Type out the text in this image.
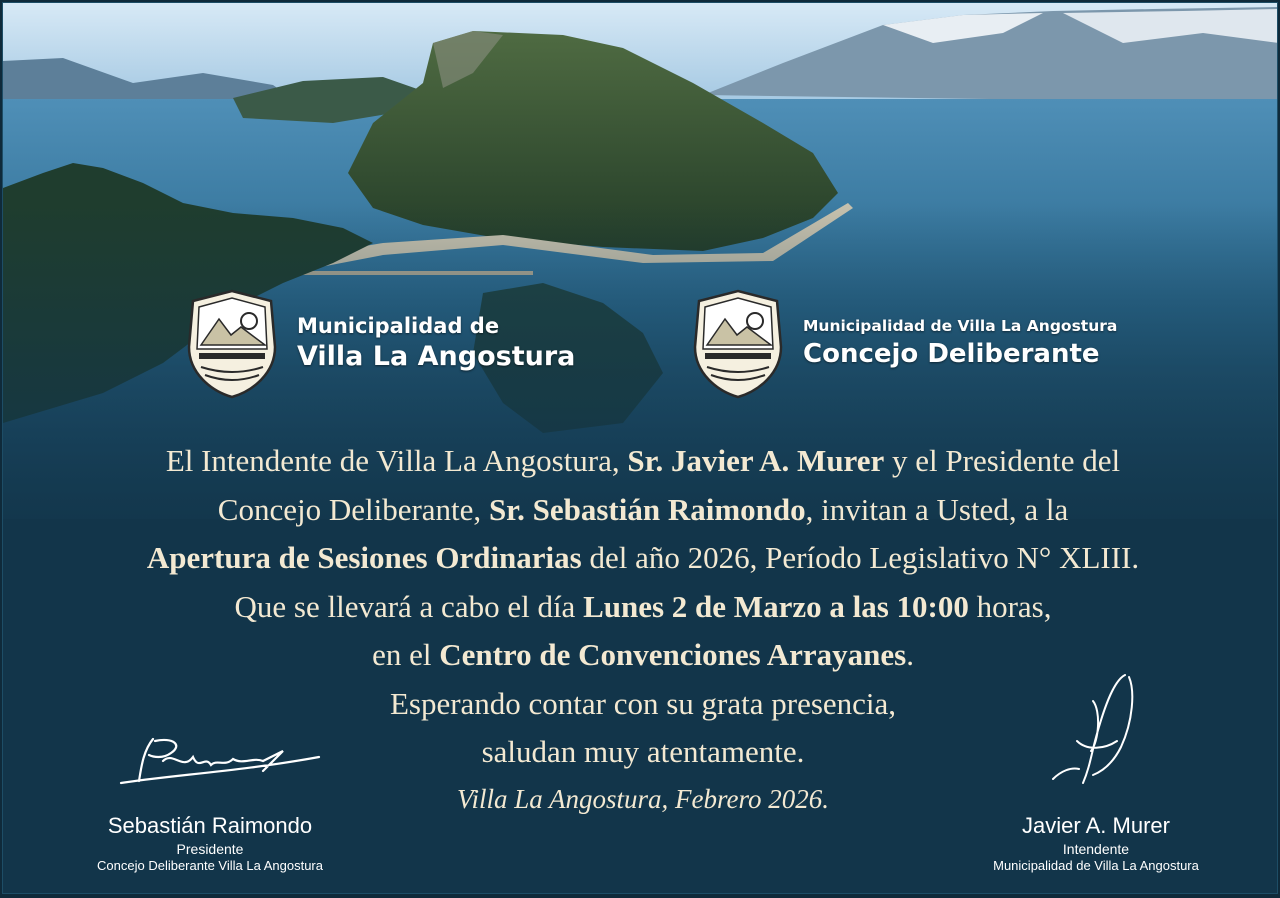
Municipalidad de
Villa La Angostura
Municipalidad de Villa La Angostura
Concejo Deliberante
El Intendente de Villa La Angostura, Sr. Javier A. Murer y el Presidente del
Concejo Deliberante, Sr. Sebastián Raimondo, invitan a Usted, a la
Apertura de Sesiones Ordinarias del año 2026, Período Legislativo N° XLIII.
Que se llevará a cabo el día Lunes 2 de Marzo a las 10:00 horas,
en el Centro de Convenciones Arrayanes.
Esperando contar con su grata presencia,
saludan muy atentamente.
Villa La Angostura, Febrero 2026.
Sebastián Raimondo
Presidente
Concejo Deliberante Villa La Angostura
Javier A. Murer
Intendente
Municipalidad de Villa La Angostura
